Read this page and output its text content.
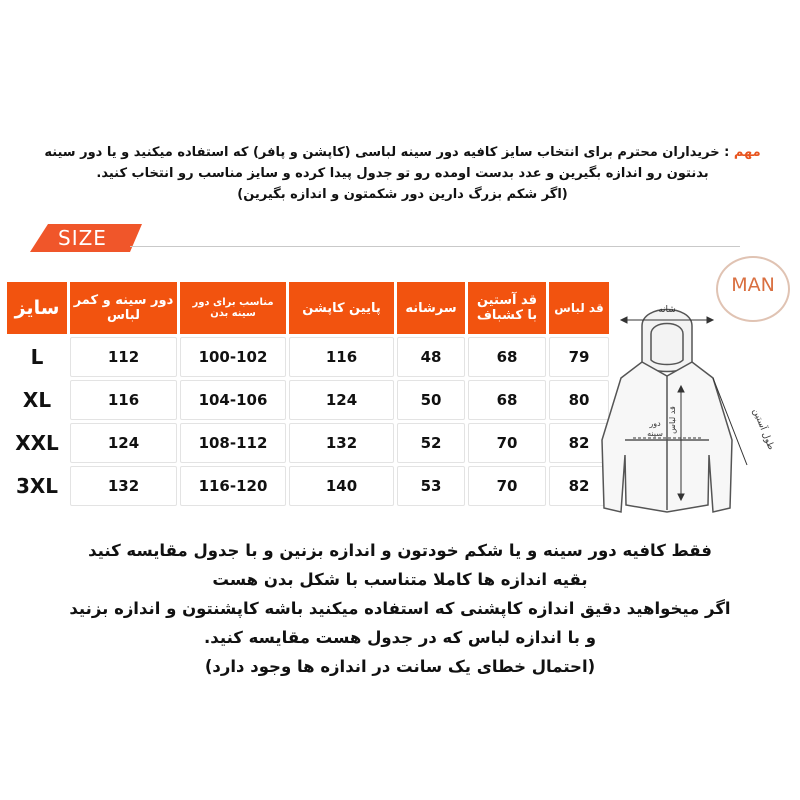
مهم : خریداران محترم برای انتخاب سایز کافیه دور سینه لباسی (کاپشن و پافر) که استفاده میکنید و یا دور سینه
بدنتون رو اندازه بگیرین و عدد بدست اومده رو تو جدول پیدا کرده و سایز مناسب رو انتخاب کنید.
(اگر شکم بزرگ دارین دور شکمتون و اندازه بگیرین)
SIZE
MAN
سایز	دور سینه و کمر لباس	مناسب برای دور سینه بدن	پایین کاپشن	سرشانه	قد آستین با کشباف	قد لباس
L	112	100-102	116	48	68	79
XL	116	104-106	124	50	68	80
XXL	124	108-112	132	52	70	82
3XL	132	116-120	140	53	70	82
شانه
طول آستین
دور
سینه قد لباس
فقط کافیه دور سینه و یا شکم خودتون و اندازه بزنین و با جدول مقایسه کنید
بقیه اندازه ها کاملا متناسب با شکل بدن هست
اگر میخواهید دقیق اندازه کاپشنی که استفاده میکنید باشه کاپشنتون و اندازه بزنید
و با اندازه لباس که در جدول هست مقایسه کنید.
(احتمال خطای یک سانت در اندازه ها وجود دارد)
